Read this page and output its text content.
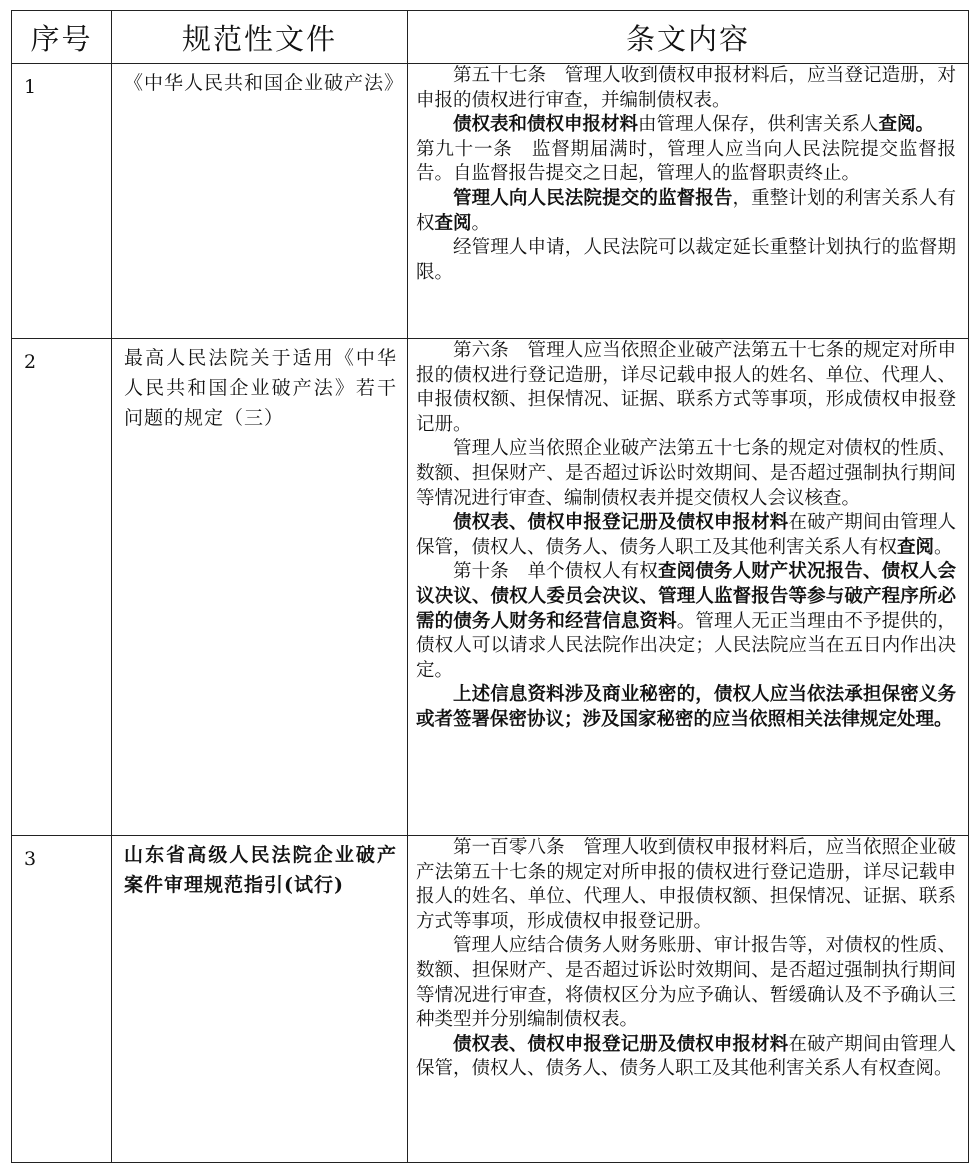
序号	规范性文件	条文内容
1	《中华人民共和国企业破产法》	第五十七条　管理人收到债权申报材料后，应当登记造册，对申报的债权进行审查，并编制债权表。

债权表和债权申报材料由管理人保存，供利害关系人查阅。

第九十一条　监督期届满时，管理人应当向人民法院提交监督报告。自监督报告提交之日起，管理人的监督职责终止。

管理人向人民法院提交的监督报告，重整计划的利害关系人有权查阅。

经管理人申请，人民法院可以裁定延长重整计划执行的监督期限。

2	最高人民法院关于适用《中华人民共和国企业破产法》若干问题的规定（三）	第六条　管理人应当依照企业破产法第五十七条的规定对所申报的债权进行登记造册，详尽记载申报人的姓名、单位、代理人、申报债权额、担保情况、证据、联系方式等事项，形成债权申报登记册。

管理人应当依照企业破产法第五十七条的规定对债权的性质、数额、担保财产、是否超过诉讼时效期间、是否超过强制执行期间等情况进行审查、编制债权表并提交债权人会议核查。

债权表、债权申报登记册及债权申报材料在破产期间由管理人保管，债权人、债务人、债务人职工及其他利害关系人有权查阅。

第十条　单个债权人有权查阅债务人财产状况报告、债权人会议决议、债权人委员会决议、管理人监督报告等参与破产程序所必需的债务人财务和经营信息资料。管理人无正当理由不予提供的，债权人可以请求人民法院作出决定；人民法院应当在五日内作出决定。

上述信息资料涉及商业秘密的，债权人应当依法承担保密义务或者签署保密协议；涉及国家秘密的应当依照相关法律规定处理。

3	山东省高级人民法院企业破产案件审理规范指引(试行)	第一百零八条　管理人收到债权申报材料后，应当依照企业破产法第五十七条的规定对所申报的债权进行登记造册，详尽记载申报人的姓名、单位、代理人、申报债权额、担保情况、证据、联系方式等事项，形成债权申报登记册。

管理人应结合债务人财务账册、审计报告等，对债权的性质、数额、担保财产、是否超过诉讼时效期间、是否超过强制执行期间等情况进行审查，将债权区分为应予确认、暂缓确认及不予确认三种类型并分别编制债权表。

债权表、债权申报登记册及债权申报材料在破产期间由管理人保管，债权人、债务人、债务人职工及其他利害关系人有权查阅。
